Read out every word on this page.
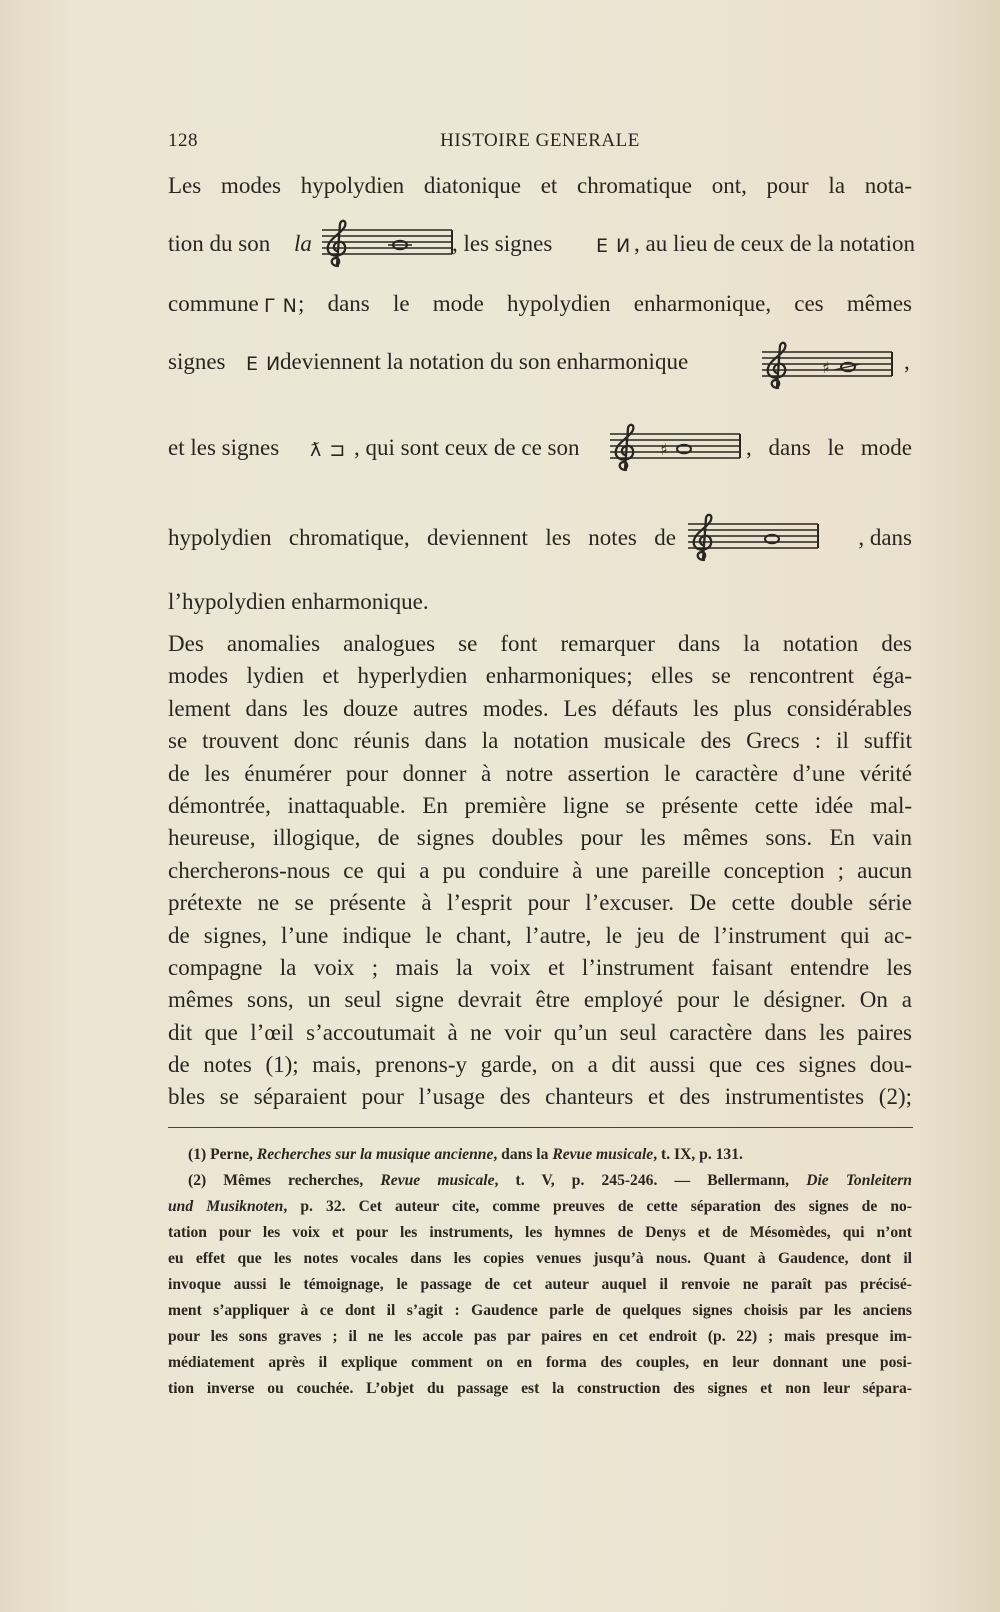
128	HISTOIRE GENERALE
Les modes hypolydien diatonique et chromatique ont, pour la nota-
tion du son la	, les signes E И , au lieu de ceux de la notation
commune Γ N ; dans le mode hypolydien enharmonique, ces mêmes
signes E И
deviennent la notation du son enharmonique	♯	,
et les signes ƛ ⊐ , qui sont ceux de ce son	♯	, dans le mode
hypolydien chromatique, deviennent les notes de	, dans
l’hypolydien enharmonique.
Des anomalies analogues se font remarquer dans la notation des
modes lydien et hyperlydien enharmoniques; elles se rencontrent éga-
lement dans les douze autres modes. Les défauts les plus considérables
se trouvent donc réunis dans la notation musicale des Grecs : il suffit
de les énumérer pour donner à notre assertion le caractère d’une vérité
démontrée, inattaquable. En première ligne se présente cette idée mal-
heureuse, illogique, de signes doubles pour les mêmes sons. En vain
chercherons-nous ce qui a pu conduire à une pareille conception ; aucun
prétexte ne se présente à l’esprit pour l’excuser. De cette double série
de signes, l’une indique le chant, l’autre, le jeu de l’instrument qui ac-
compagne la voix ; mais la voix et l’instrument faisant entendre les
mêmes sons, un seul signe devrait être employé pour le désigner. On a
dit que l’œil s’accoutumait à ne voir qu’un seul caractère dans les paires
de notes (1); mais, prenons-y garde, on a dit aussi que ces signes dou-
bles se séparaient pour l’usage des chanteurs et des instrumentistes (2);
(1) Perne, Recherches sur la musique ancienne, dans la Revue musicale, t. IX, p. 131.
(2) Mêmes recherches, Revue musicale, t. V, p. 245-246. — Bellermann, Die Tonleitern
und Musiknoten, p. 32. Cet auteur cite, comme preuves de cette séparation des signes de no-
tation pour les voix et pour les instruments, les hymnes de Denys et de Mésomèdes, qui n’ont
eu effet que les notes vocales dans les copies venues jusqu’à nous. Quant à Gaudence, dont il
invoque aussi le témoignage, le passage de cet auteur auquel il renvoie ne paraît pas précisé-
ment s’appliquer à ce dont il s’agit : Gaudence parle de quelques signes choisis par les anciens
pour les sons graves ; il ne les accole pas par paires en cet endroit (p. 22) ; mais presque im-
médiatement après il explique comment on en forma des couples, en leur donnant une posi-
tion inverse ou couchée. L’objet du passage est la construction des signes et non leur sépara-
